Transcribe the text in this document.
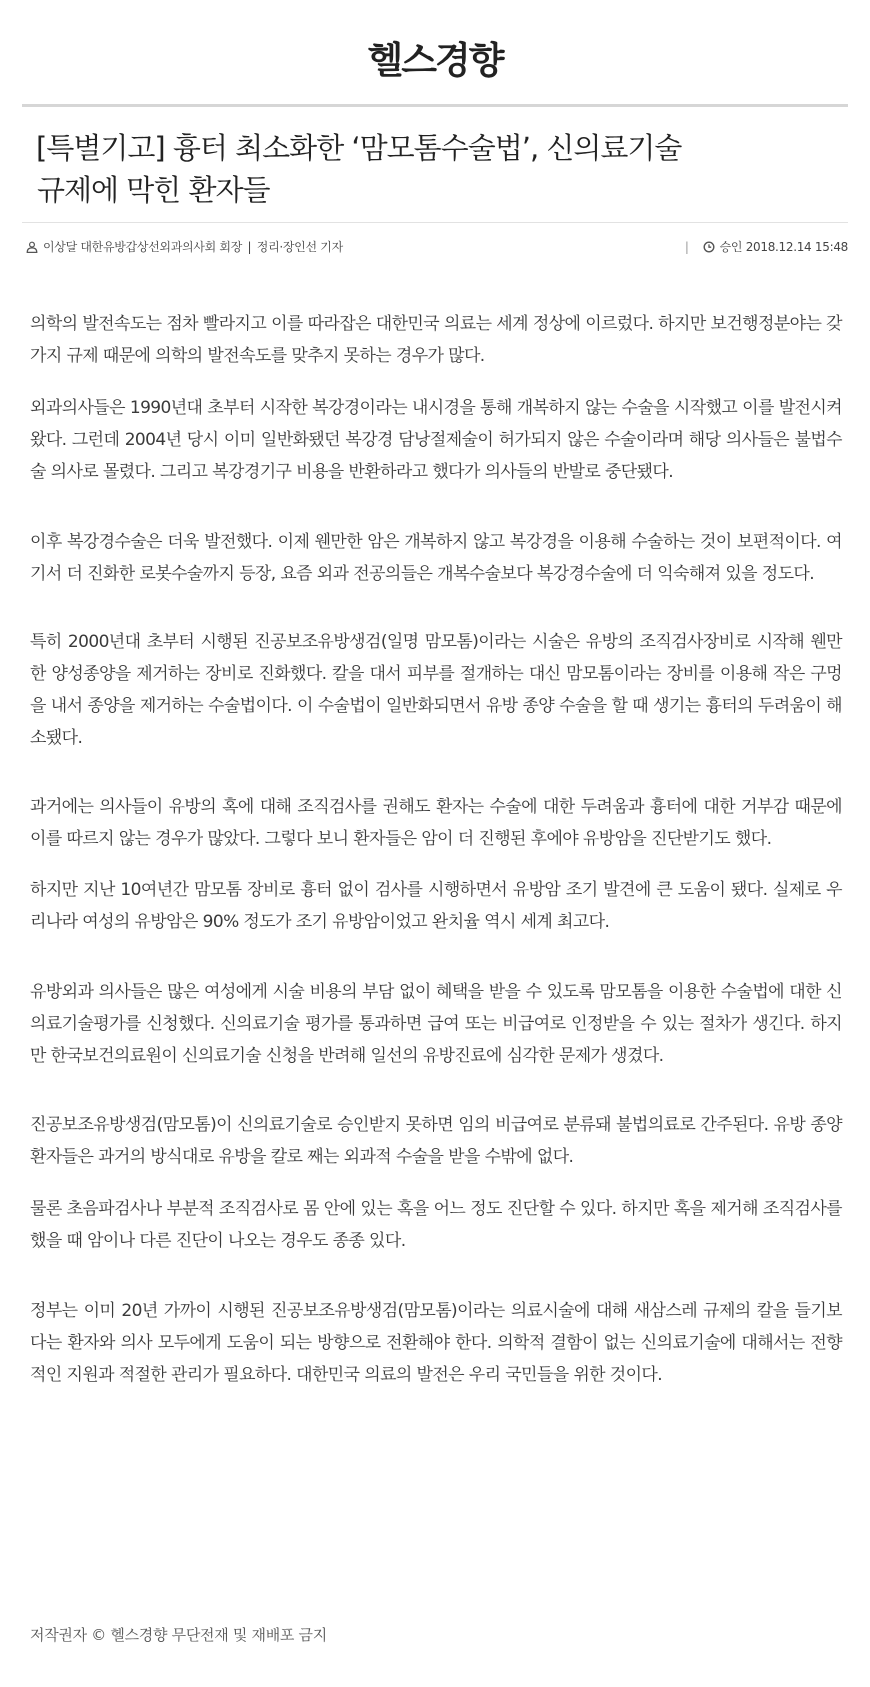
헬스경향
[특별기고] 흉터 최소화한 ‘맘모톰수술법’, 신의료기술
규제에 막힌 환자들
이상달 대한유방갑상선외과의사회 회장 | 정리·장인선 기자	|	승인 2018.12.14 15:48

의학의 발전속도는 점차 빨라지고 이를 따라잡은 대한민국 의료는 세계 정상에 이르렀다. 하지만 보건행정분야는 갖가지 규제 때문에 의학의 발전속도를 맞추지 못하는 경우가 많다.

외과의사들은 1990년대 초부터 시작한 복강경이라는 내시경을 통해 개복하지 않는 수술을 시작했고 이를 발전시켜왔다. 그런데 2004년 당시 이미 일반화됐던 복강경 담낭절제술이 허가되지 않은 수술이라며 해당 의사들은 불법수술 의사로 몰렸다. 그리고 복강경기구 비용을 반환하라고 했다가 의사들의 반발로 중단됐다.

이후 복강경수술은 더욱 발전했다. 이제 웬만한 암은 개복하지 않고 복강경을 이용해 수술하는 것이 보편적이다. 여기서 더 진화한 로봇수술까지 등장, 요즘 외과 전공의들은 개복수술보다 복강경수술에 더 익숙해져 있을 정도다.

특히 2000년대 초부터 시행된 진공보조유방생검(일명 맘모톰)이라는 시술은 유방의 조직검사장비로 시작해 웬만한 양성종양을 제거하는 장비로 진화했다. 칼을 대서 피부를 절개하는 대신 맘모톰이라는 장비를 이용해 작은 구멍을 내서 종양을 제거하는 수술법이다. 이 수술법이 일반화되면서 유방 종양 수술을 할 때 생기는 흉터의 두려움이 해소됐다.

과거에는 의사들이 유방의 혹에 대해 조직검사를 권해도 환자는 수술에 대한 두려움과 흉터에 대한 거부감 때문에 이를 따르지 않는 경우가 많았다. 그렇다 보니 환자들은 암이 더 진행된 후에야 유방암을 진단받기도 했다.

하지만 지난 10여년간 맘모톰 장비로 흉터 없이 검사를 시행하면서 유방암 조기 발견에 큰 도움이 됐다. 실제로 우리나라 여성의 유방암은 90% 정도가 조기 유방암이었고 완치율 역시 세계 최고다.

유방외과 의사들은 많은 여성에게 시술 비용의 부담 없이 혜택을 받을 수 있도록 맘모톰을 이용한 수술법에 대한 신의료기술평가를 신청했다. 신의료기술 평가를 통과하면 급여 또는 비급여로 인정받을 수 있는 절차가 생긴다. 하지만 한국보건의료원이 신의료기술 신청을 반려해 일선의 유방진료에 심각한 문제가 생겼다.

진공보조유방생검(맘모톰)이 신의료기술로 승인받지 못하면 임의 비급여로 분류돼 불법의료로 간주된다. 유방 종양환자들은 과거의 방식대로 유방을 칼로 째는 외과적 수술을 받을 수밖에 없다.

물론 초음파검사나 부분적 조직검사로 몸 안에 있는 혹을 어느 정도 진단할 수 있다. 하지만 혹을 제거해 조직검사를 했을 때 암이나 다른 진단이 나오는 경우도 종종 있다.

정부는 이미 20년 가까이 시행된 진공보조유방생검(맘모톰)이라는 의료시술에 대해 새삼스레 규제의 칼을 들기보다는 환자와 의사 모두에게 도움이 되는 방향으로 전환해야 한다. 의학적 결함이 없는 신의료기술에 대해서는 전향적인 지원과 적절한 관리가 필요하다. 대한민국 의료의 발전은 우리 국민들을 위한 것이다.

저작권자 © 헬스경향 무단전재 및 재배포 금지
